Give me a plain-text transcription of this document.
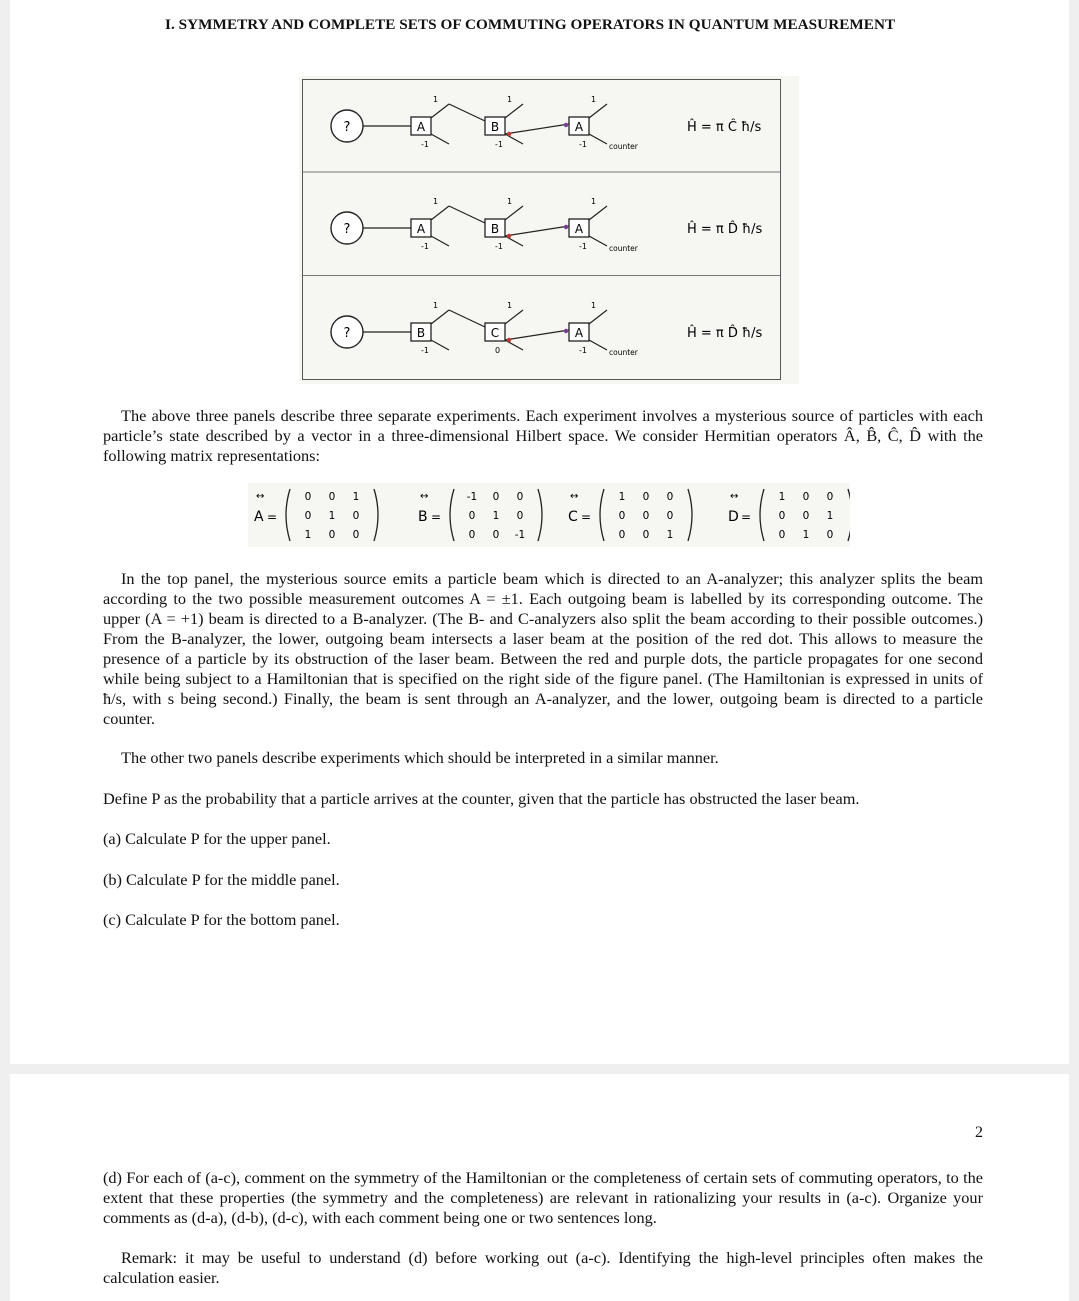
I. SYMMETRY AND COMPLETE SETS OF COMMUTING OPERATORS IN QUANTUM MEASUREMENT
?	A
1
-1
B
1
-1
A
1
-1	counter
Ĥ = π Ĉ ħ/s
?	A
1
-1
B
1
-1
A
1
-1	counter
Ĥ = π D̂ ħ/s
?	B
1
-1
C
1
0
A
1
-1	counter
Ĥ = π D̂ ħ/s
The above three panels describe three separate experiments. Each experiment involves a mysterious source of particles with each particle’s state described by a vector in a three-dimensional Hilbert space. We consider Hermitian operators Â, B̂, Ĉ, D̂ with the following matrix representations:
A
↔
=
0 0 1
0 1 0
1 0 0
B
↔
=
-1 0 0
0 1 0
0 0 -1
C
↔
=
1 0 0
0 0 0
0 0 1
D
↔
=
1 0 0
0 0 1
0 1 0
In the top panel, the mysterious source emits a particle beam which is directed to an A-analyzer; this analyzer splits the beam according to the two possible measurement outcomes A = ±1. Each outgoing beam is labelled by its corresponding outcome. The upper (A = +1) beam is directed to a B-analyzer. (The B- and C-analyzers also split the beam according to their possible outcomes.) From the B-analyzer, the lower, outgoing beam intersects a laser beam at the position of the red dot. This allows to measure the presence of a particle by its obstruction of the laser beam. Between the red and purple dots, the particle propagates for one second while being subject to a Hamiltonian that is specified on the right side of the figure panel. (The Hamiltonian is expressed in units of ħ/s, with s being second.) Finally, the beam is sent through an A-analyzer, and the lower, outgoing beam is directed to a particle counter.
The other two panels describe experiments which should be interpreted in a similar manner.
Define P as the probability that a particle arrives at the counter, given that the particle has obstructed the laser beam.
(a) Calculate P for the upper panel.
(b) Calculate P for the middle panel.
(c) Calculate P for the bottom panel.
2
(d) For each of (a-c), comment on the symmetry of the Hamiltonian or the completeness of certain sets of commuting operators, to the extent that these properties (the symmetry and the completeness) are relevant in rationalizing your results in (a-c). Organize your comments as (d-a), (d-b), (d-c), with each comment being one or two sentences long.
Remark: it may be useful to understand (d) before working out (a-c). Identifying the high-level principles often makes the calculation easier.
